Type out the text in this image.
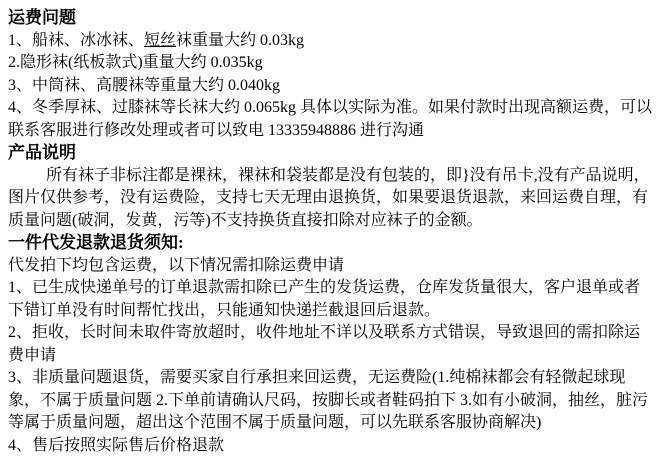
运费问题

1、船袜、冰冰袜、短丝袜重量大约 0.03kg

2.隐形袜(纸板款式)重量大约 0.035kg

3、中筒袜、高腰袜等重量大约 0.040kg

4、冬季厚袜、过膝袜等长袜大约 0.065kg 具体以实际为准。如果付款时出现高额运费，可以联系客服进行修改处理或者可以致电 13335948886 进行沟通

产品说明

所有袜子非标注都是裸袜，裸袜和袋装都是没有包装的，即}没有吊卡,没有产品说明，图片仅供参考，没有运费险，支持七天无理由退换货，如果要退货退款，来回运费自理，有质量问题(破洞，发黄，污等)不支持换货直接扣除对应袜子的金额。

一件代发退款退货须知:

代发拍下均包含运费，以下情况需扣除运费申请

1、已生成快递单号的订单退款需扣除已产生的发货运费，仓库发货量很大，客户退单或者下错订单没有时间帮忙找出，只能通知快递拦截退回后退款。

2、拒收，长时间未取件寄放超时，收件地址不详以及联系方式错误，导致退回的需扣除运费申请

3、非质量问题退货，需要买家自行承担来回运费，无运费险(1.纯棉袜都会有轻微起球现象，不属于质量问题 2.下单前请确认尺码，按脚长或者鞋码拍下 3.如有小破洞，抽丝，脏污等属于质量问题，超出这个范围不属于质量问题，可以先联系客服协商解决)

4、售后按照实际售后价格退款
